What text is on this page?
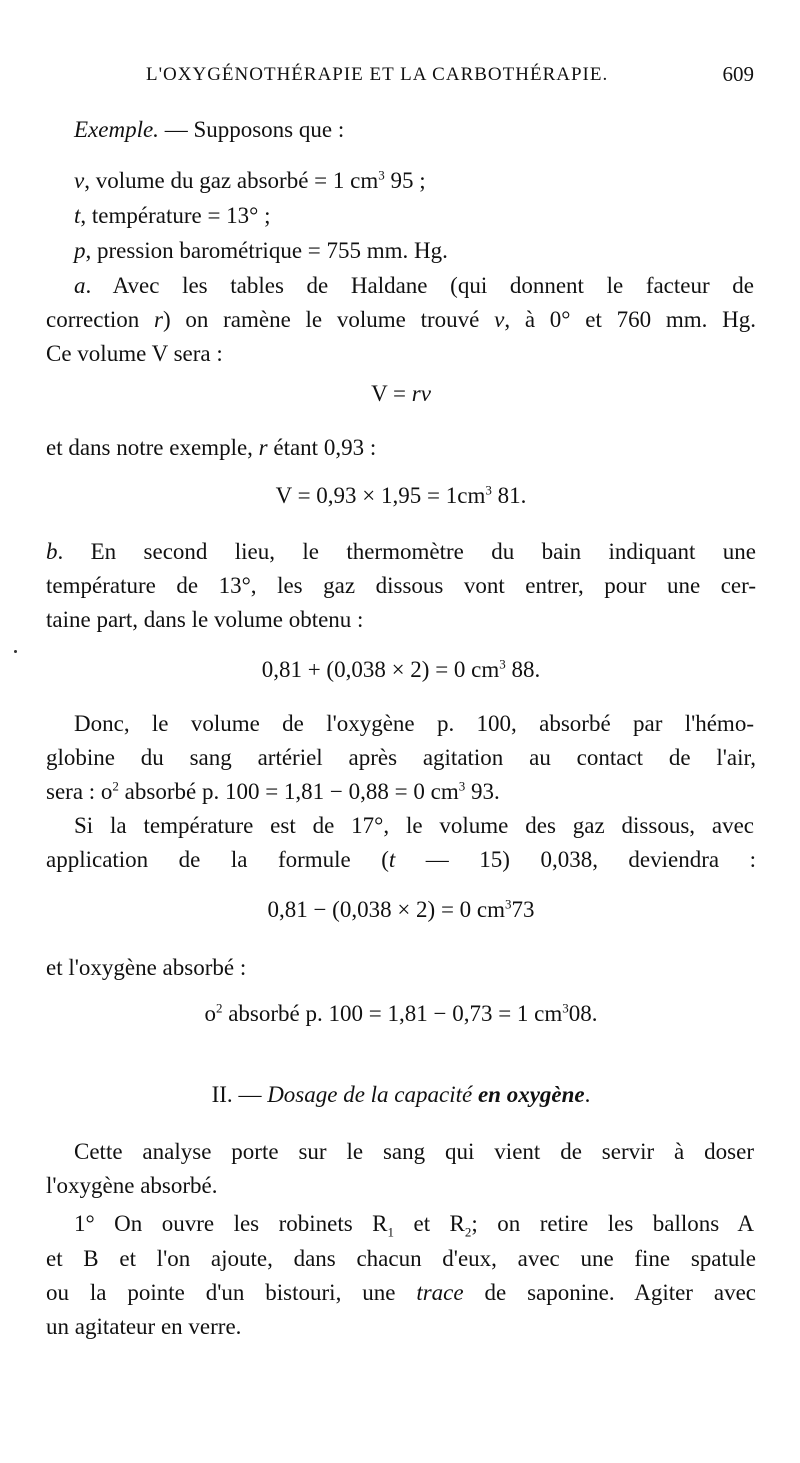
L'OXYGÉNOTHÉRAPIE ET LA CARBOTHÉRAPIE.	609
Exemple. — Supposons que :
v, volume du gaz absorbé = 1 $cm^3$ 95 ;
t, température = 13° ;
p, pression barométrique = 755 mm. Hg.
a. Avec les tables de Haldane (qui donnent le facteur de
correction r) on ramène le volume trouvé v, à 0° et 760 mm. Hg.
Ce volume V sera :
V = rv
et dans notre exemple, r étant 0,93 :
$V = 0,93 \times 1,95 = 1cm^3$ 81.
b. En second lieu, le thermomètre du bain indiquant une
température de 13°, les gaz dissous vont entrer, pour une cer-
taine part, dans le volume obtenu :
0,81 + (0,038 × 2) = 0 $cm^3$ 88.
Donc, le volume de l'oxygène p. 100, absorbé par l'hémo-
globine du sang artériel après agitation au contact de l'air,
sera : $o^2$ absorbé p. 100 = 1,81 − 0,88 = 0 $cm^3$ 93.
Si la température est de 17°, le volume des gaz dissous, avec
application de la formule (t — 15) 0,038, deviendra :
0,81 − (0,038 × 2) = 0 $cm^373$
et l'oxygène absorbé :
$o^2$ absorbé p. 100 = 1,81 − 0,73 = 1 $cm^308$.
II. — Dosage de la capacité en oxygène.
Cette analyse porte sur le sang qui vient de servir à doser
l'oxygène absorbé.
1° On ouvre les robinets $R_1$ et $R_2$; on retire les ballons A
et B et l'on ajoute, dans chacun d'eux, avec une fine spatule
ou la pointe d'un bistouri, une trace de saponine. Agiter avec
un agitateur en verre.
